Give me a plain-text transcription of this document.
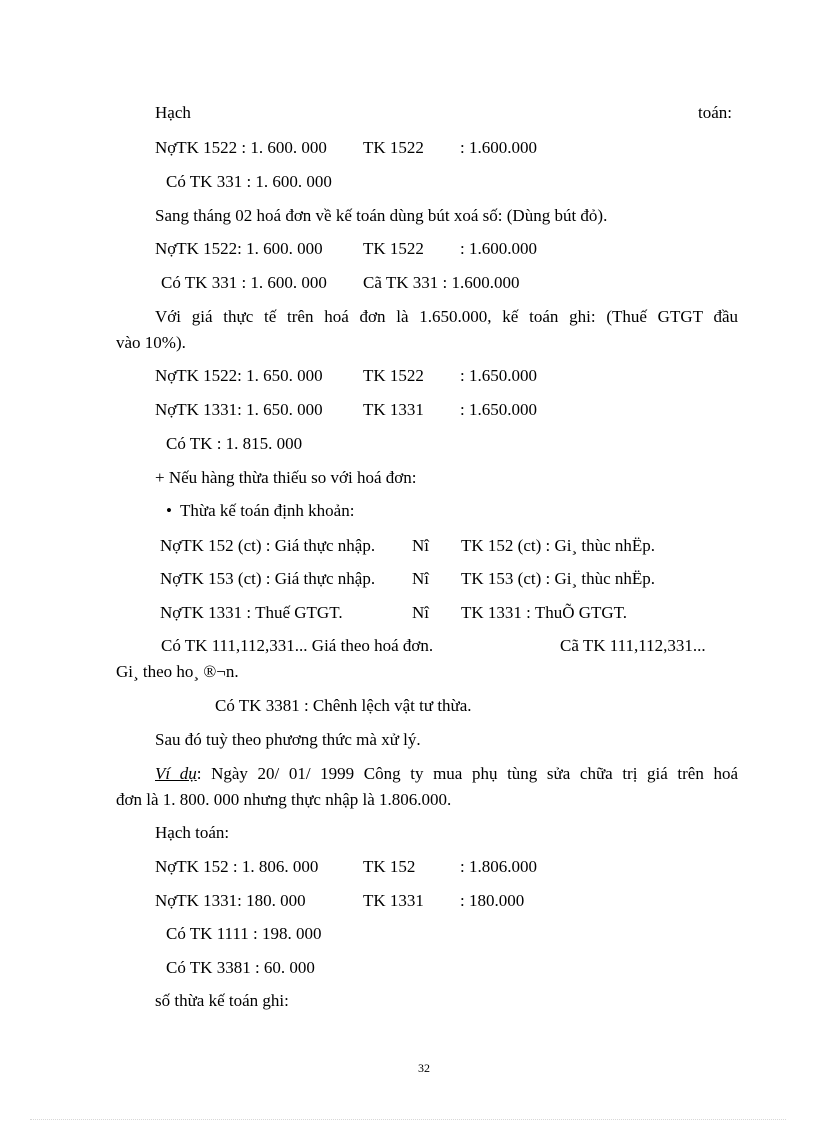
Hạch	toán:
NợTK 1522 : 1. 600. 000 TK 1522 : 1.600.000
Có TK 331 : 1. 600. 000
Sang tháng 02 hoá đơn về kế toán dùng bút xoá số: (Dùng bút đỏ).
NợTK 1522: 1. 600. 000 TK 1522 : 1.600.000
Có TK 331 : 1. 600. 000 Cã TK 331 : 1.600.000
Với giá thực tế trên hoá đơn là 1.650.000, kế toán ghi: (Thuế GTGT đầu
vào 10%).
NợTK 1522: 1. 650. 000 TK 1522 : 1.650.000
NợTK 1331: 1. 650. 000 TK 1331 : 1.650.000
Có TK : 1. 815. 000
+ Nếu hàng thừa thiếu so với hoá đơn:
• Thừa kế toán định khoản:
NợTK 152 (ct) : Giá thực nhập. Nî TK 152 (ct) : Gi¸ thùc nhËp.
NợTK 153 (ct) : Giá thực nhập. Nî TK 153 (ct) : Gi¸ thùc nhËp.
NợTK 1331 : Thuế GTGT.	Nî TK 1331 : ThuÕ GTGT.
Có TK 111,112,331... Giá theo hoá đơn.	Cã TK 111,112,331...
Gi¸ theo ho¸ ®¬n.
Có TK 3381 : Chênh lệch vật tư thừa.
Sau đó tuỳ theo phương thức mà xử lý.
Ví dụ: Ngày 20/ 01/ 1999 Công ty mua phụ tùng sửa chữa trị giá trên hoá
đơn là 1. 800. 000 nhưng thực nhập là 1.806.000.
Hạch toán:
NợTK 152 : 1. 806. 000	TK 152	: 1.806.000
NợTK 1331: 180. 000	TK 1331 : 180.000
Có TK 1111 : 198. 000
Có TK 3381 : 60. 000
số thừa kế toán ghi:
32
